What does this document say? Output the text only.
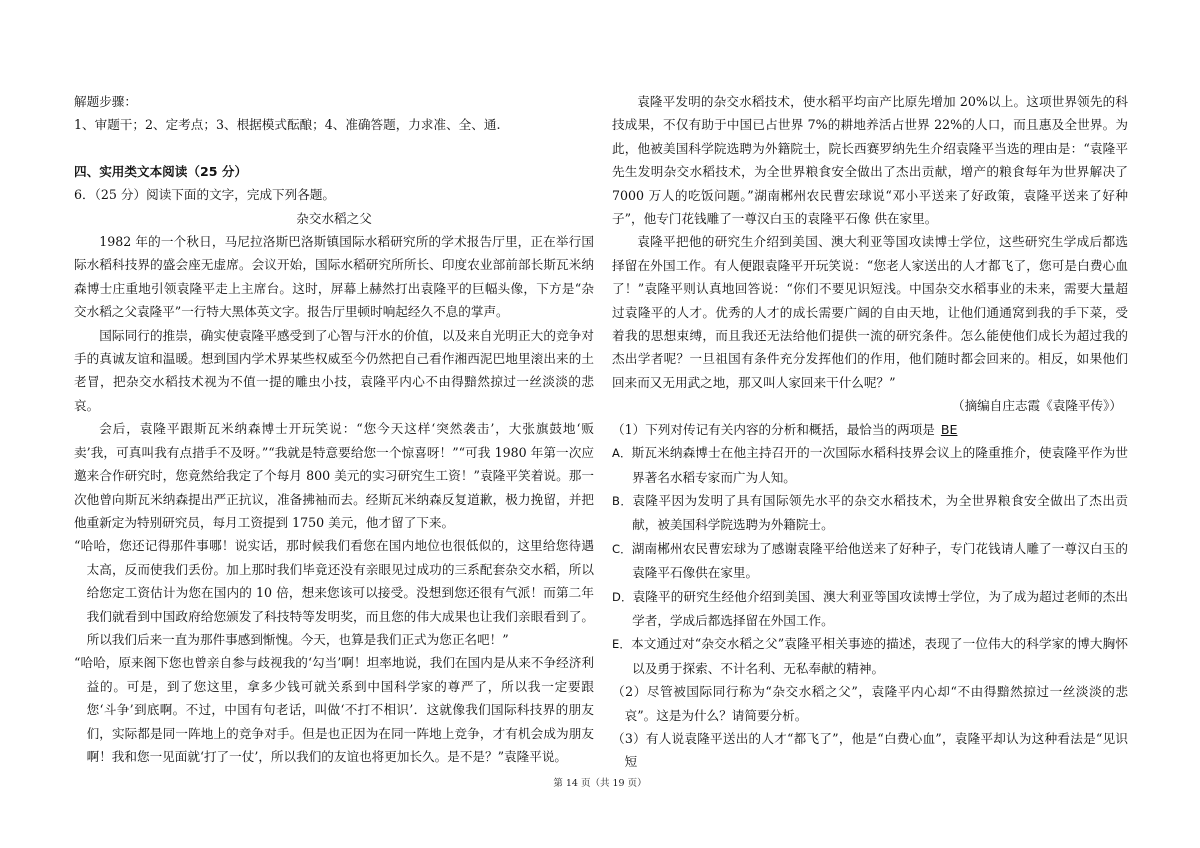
解题步骤：

1、审题干；2、定考点；3、根据模式酝酿；4、准确答题，力求准、全、通.

四、实用类文本阅读（25 分）

6．（25 分）阅读下面的文字，完成下列各题。

杂交水稻之父

1982 年的一个秋日，马尼拉洛斯巴洛斯镇国际水稻研究所的学术报告厅里，正在举行国际水稻科技界的盛会座无虚席。会议开始，国际水稻研究所所长、印度农业部前部长斯瓦米纳森博士庄重地引领袁隆平走上主席台。这时，屏幕上赫然打出袁隆平的巨幅头像，下方是“杂交水稻之父袁隆平”一行特大黑体英文字。报告厅里顿时响起经久不息的掌声。

国际同行的推崇，确实使袁隆平感受到了心智与汗水的价值，以及来自光明正大的竞争对手的真诚友谊和温暖。想到国内学术界某些权威至今仍然把自己看作湘西泥巴地里滚出来的土老冒，把杂交水稻技术视为不值一提的雕虫小技，袁隆平内心不由得黯然掠过一丝淡淡的悲哀。

会后，袁隆平跟斯瓦米纳森博士开玩笑说：“您今天这样‘突然袭击’，大张旗鼓地‘贩卖’我，可真叫我有点措手不及呀。”“我就是特意要给您一个惊喜呀！”“可我 1980 年第一次应邀来合作研究时，您竟然给我定了个每月 800 美元的实习研究生工资！”袁隆平笑着说。那一次他曾向斯瓦米纳森提出严正抗议，准备拂袖而去。经斯瓦米纳森反复道歉，极力挽留，并把他重新定为特别研究员，每月工资提到 1750 美元，他才留了下来。

“哈哈，您还记得那件事哪！说实话，那时候我们看您在国内地位也很低似的，这里给您待遇太高，反而使我们丢份。加上那时我们毕竟还没有亲眼见过成功的三系配套杂交水稻，所以给您定工资估计为您在国内的 10 倍，想来您该可以接受。没想到您还很有气派！而第二年我们就看到中国政府给您颁发了科技特等发明奖，而且您的伟大成果也让我们亲眼看到了。所以我们后来一直为那件事感到惭愧。今天，也算是我们正式为您正名吧！”

“哈哈，原来阁下您也曾亲自参与歧视我的‘勾当’啊！坦率地说，我们在国内是从来不争经济利益的。可是，到了您这里，拿多少钱可就关系到中国科学家的尊严了，所以我一定要跟您‘斗争’到底啊。不过，中国有句老话，叫做‘不打不相识’．这就像我们国际科技界的朋友们，实际都是同一阵地上的竞争对手。但是也正因为在同一阵地上竞争，才有机会成为朋友啊！我和您一见面就‘打了一仗’，所以我们的友谊也将更加长久。是不是？”袁隆平说。

袁隆平发明的杂交水稻技术，使水稻平均亩产比原先增加 20%以上。这项世界领先的科技成果，不仅有助于中国已占世界 7%的耕地养活占世界 22%的人口，而且惠及全世界。为此，他被美国科学院选聘为外籍院士，院长西赛罗纳先生介绍袁隆平当选的理由是：“袁隆平先生发明杂交水稻技术，为全世界粮食安全做出了杰出贡献，增产的粮食每年为世界解决了 7000 万人的吃饭问题。”湖南郴州农民曹宏球说“邓小平送来了好政策，袁隆平送来了好种子”，他专门花钱雕了一尊汉白玉的袁隆平石像 供在家里。

袁隆平把他的研究生介绍到美国、澳大利亚等国攻读博士学位，这些研究生学成后都选择留在外国工作。有人便跟袁隆平开玩笑说：“您老人家送出的人才都飞了，您可是白费心血了！”袁隆平则认真地回答说：“你们不要见识短浅。中国杂交水稻事业的未来，需要大量超过袁隆平的人才。优秀的人才的成长需要广阔的自由天地，让他们通通窝到我的手下菜，受着我的思想束缚，而且我还无法给他们提供一流的研究条件。怎么能使他们成长为超过我的杰出学者呢？一旦祖国有条件充分发挥他们的作用，他们随时都会回来的。相反，如果他们回来而又无用武之地，那又叫人家回来干什么呢？”

（摘编自庄志霞《袁隆平传》）

（1）下列对传记有关内容的分析和概括，最恰当的两项是 BE

A．斯瓦米纳森博士在他主持召开的一次国际水稻科技界会议上的隆重推介，使袁隆平作为世界著名水稻专家而广为人知。

B．袁隆平因为发明了具有国际领先水平的杂交水稻技术，为全世界粮食安全做出了杰出贡献，被美国科学院选聘为外籍院士。

C．湖南郴州农民曹宏球为了感谢袁隆平给他送来了好种子，专门花钱请人雕了一尊汉白玉的袁隆平石像供在家里。

D．袁隆平的研究生经他介绍到美国、澳大利亚等国攻读博士学位，为了成为超过老师的杰出学者，学成后都选择留在外国工作。

E．本文通过对“杂交水稻之父”袁隆平相关事迹的描述，表现了一位伟大的科学家的博大胸怀以及勇于探索、不计名利、无私奉献的精神。

（2）尽管被国际同行称为“杂交水稻之父”，袁隆平内心却“不由得黯然掠过一丝淡淡的悲哀”。这是为什么？请简要分析。

（3）有人说袁隆平送出的人才“都飞了”，他是“白费心血”，袁隆平却认为这种看法是“见识短

第 14 页（共 19 页）
